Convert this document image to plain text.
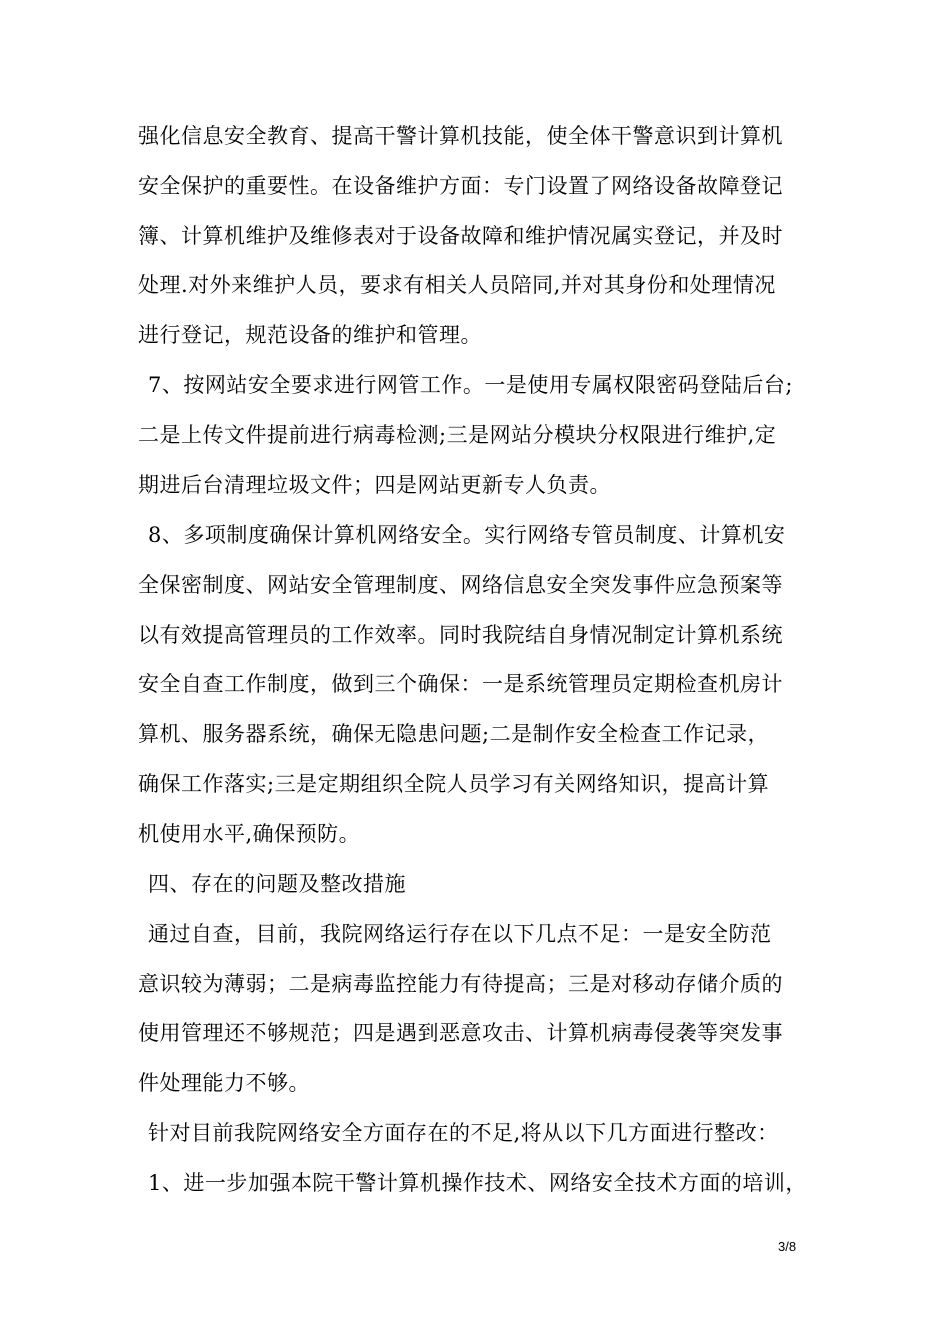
强化信息安全教育、提高干警计算机技能，使全体干警意识到计算机
安全保护的重要性。在设备维护方面：专门设置了网络设备故障登记
簿、计算机维护及维修表对于设备故障和维护情况属实登记，并及时
处理.对外来维护人员，要求有相关人员陪同,并对其身份和处理情况
进行登记，规范设备的维护和管理。
7、按网站安全要求进行网管工作。一是使用专属权限密码登陆后台;
二是上传文件提前进行病毒检测;三是网站分模块分权限进行维护,定
期进后台清理垃圾文件；四是网站更新专人负责。
8、多项制度确保计算机网络安全。实行网络专管员制度、计算机安
全保密制度、网站安全管理制度、网络信息安全突发事件应急预案等
以有效提高管理员的工作效率。同时我院结自身情况制定计算机系统
安全自查工作制度，做到三个确保：一是系统管理员定期检查机房计
算机、服务器系统，确保无隐患问题;二是制作安全检查工作记录，
确保工作落实;三是定期组织全院人员学习有关网络知识，提高计算
机使用水平,确保预防。
四、存在的问题及整改措施
通过自查，目前，我院网络运行存在以下几点不足：一是安全防范
意识较为薄弱；二是病毒监控能力有待提高；三是对移动存储介质的
使用管理还不够规范；四是遇到恶意攻击、计算机病毒侵袭等突发事
件处理能力不够。
针对目前我院网络安全方面存在的不足,将从以下几方面进行整改：
1、进一步加强本院干警计算机操作技术、网络安全技术方面的培训，
3/8
